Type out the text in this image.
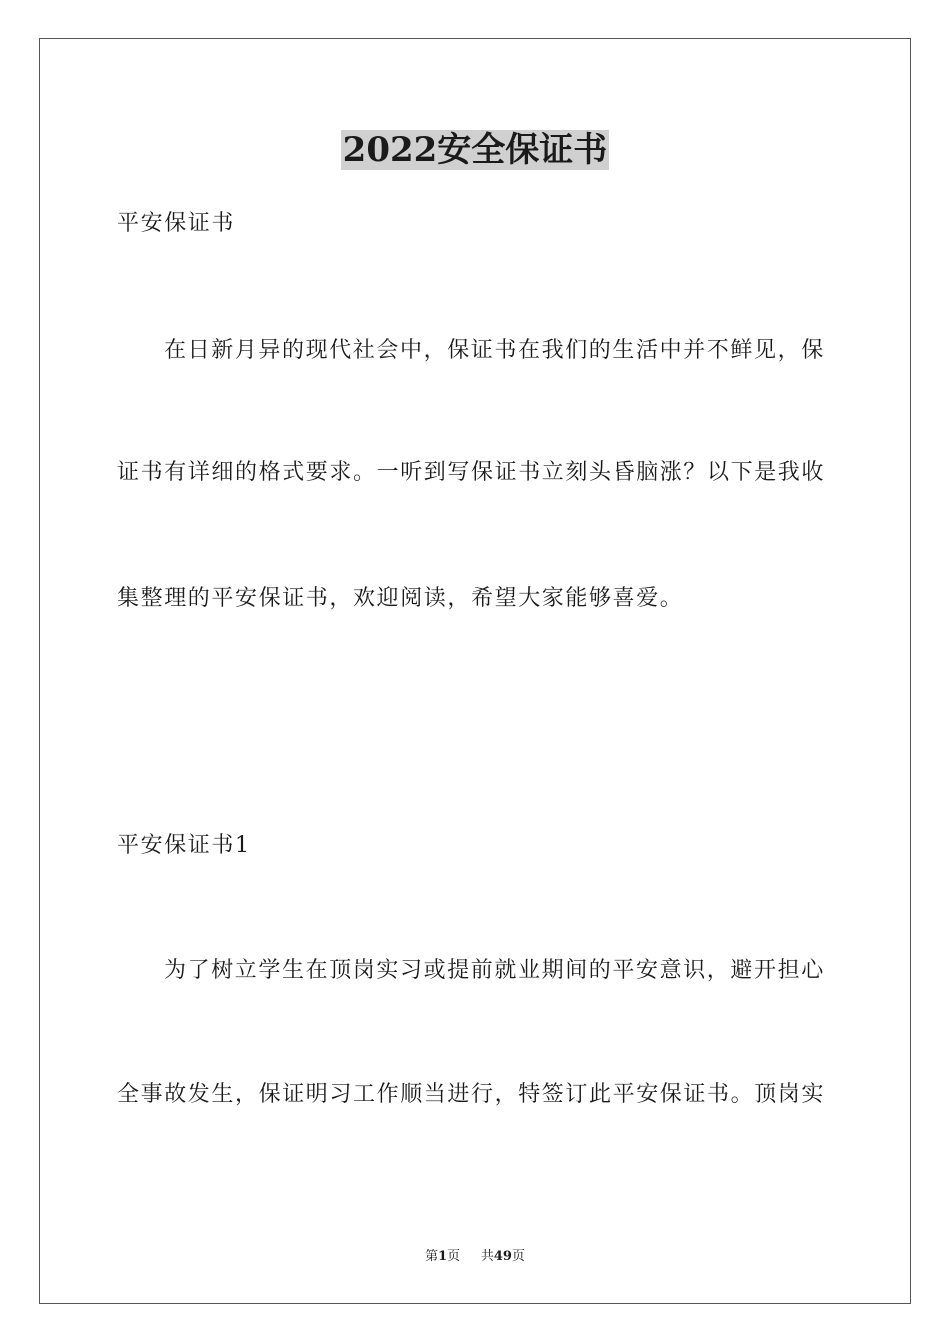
2022安全保证书
平安保证书
在日新月异的现代社会中，保证书在我们的生活中并不鲜见，保
证书有详细的格式要求。一听到写保证书立刻头昏脑涨？以下是我收
集整理的平安保证书，欢迎阅读，希望大家能够喜爱。
平安保证书1
为了树立学生在顶岗实习或提前就业期间的平安意识，避开担心
全事故发生，保证明习工作顺当进行，特签订此平安保证书。顶岗实
第1页 共49页
